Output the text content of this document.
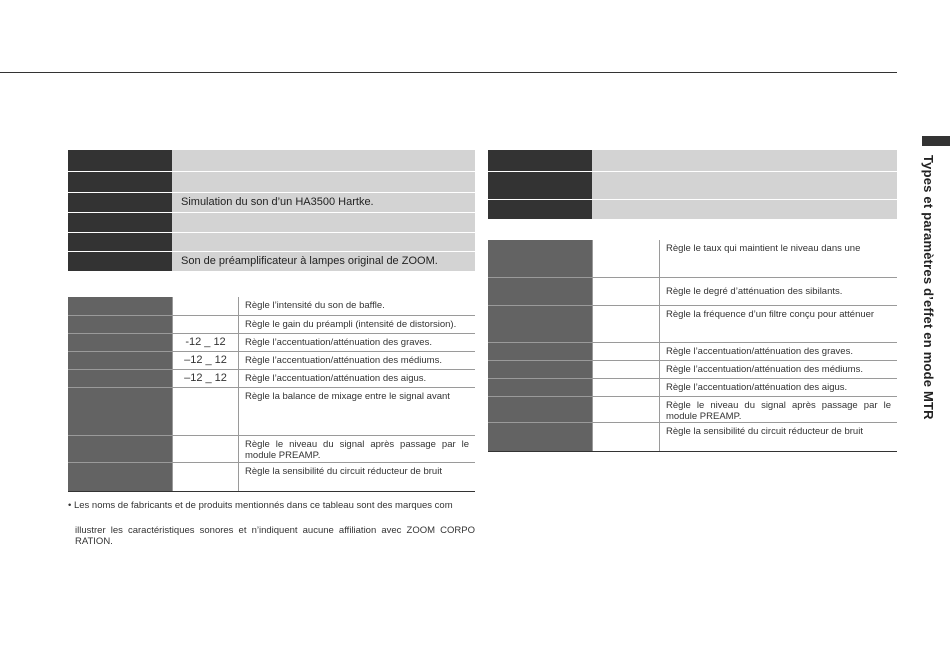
Types et paramètres d’effet en mode MTR
Simulation du son d’un HA3500 Hartke.
Son de préamplificateur à lampes original de ZOOM.
Règle l’intensité du son de baffle.
Règle le gain du préampli (intensité de distorsion).
-12 _ 12	Règle l’accentuation/atténuation des graves.
–12 _ 12	Règle l’accentuation/atténuation des médiums.
–12 _ 12	Règle l’accentuation/atténuation des aigus.
Règle la balance de mixage entre le signal avant
Règle le niveau du signal après passage par le module PREAMP.
Règle la sensibilité du circuit réducteur de bruit
• Les noms de fabricants et de produits mentionnés dans ce tableau sont des marques com
illustrer les caractéristiques sonores et n’indiquent aucune affiliation avec ZOOM CORPO RATION.
Règle le taux qui maintient le niveau dans une
Règle le degré d’atténuation des sibilants.
Règle la fréquence d’un filtre conçu pour atténuer
Règle l’accentuation/atténuation des graves.
Règle l’accentuation/atténuation des médiums.
Règle l’accentuation/atténuation des aigus.
Règle le niveau du signal après passage par le module PREAMP.
Règle la sensibilité du circuit réducteur de bruit
